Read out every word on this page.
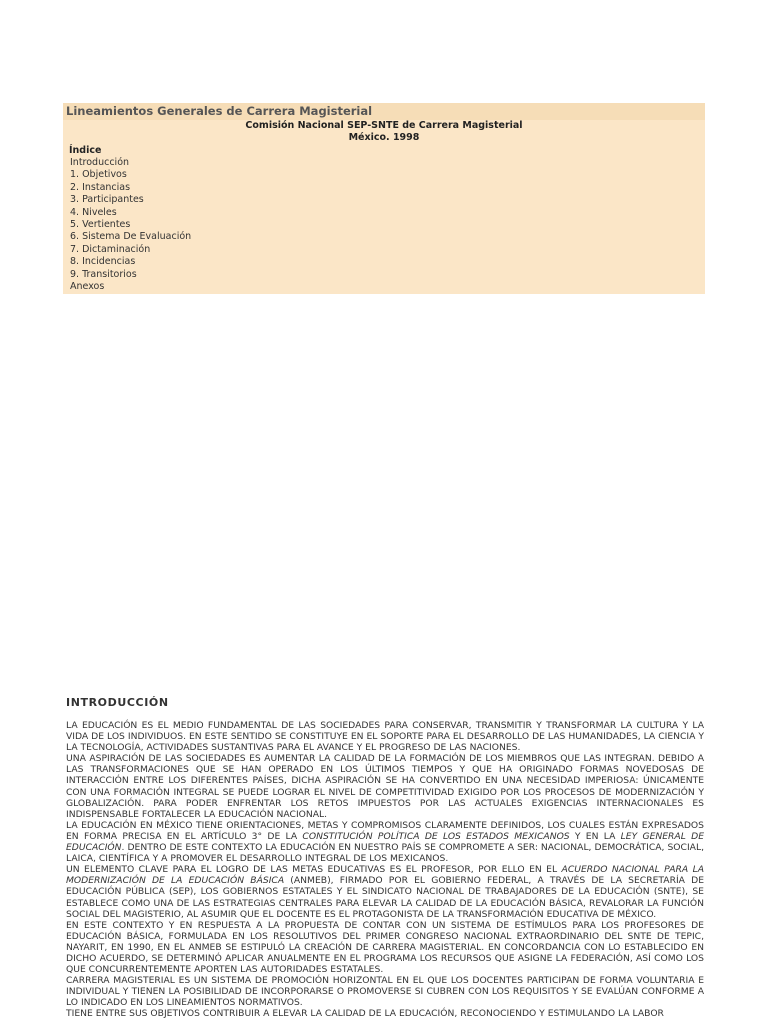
Lineamientos Generales de Carrera Magisterial
Comisión Nacional SEP-SNTE de Carrera Magisterial
México. 1998
Índice
Introducción
1. Objetivos
2. Instancias
3. Participantes
4. Niveles
5. Vertientes
6. Sistema De Evaluación
7. Dictaminación
8. Incidencias
9. Transitorios
Anexos
INTRODUCCIÓN

LA EDUCACIÓN ES EL MEDIO FUNDAMENTAL DE LAS SOCIEDADES PARA CONSERVAR, TRANSMITIR Y TRANSFORMAR LA CULTURA Y LA VIDA DE LOS INDIVIDUOS. EN ESTE SENTIDO SE CONSTITUYE EN EL SOPORTE PARA EL DESARROLLO DE LAS HUMANIDADES, LA CIENCIA Y LA TECNOLOGÍA, ACTIVIDADES SUSTANTIVAS PARA EL AVANCE Y EL PROGRESO DE LAS NACIONES.

UNA ASPIRACIÓN DE LAS SOCIEDADES ES AUMENTAR LA CALIDAD DE LA FORMACIÓN DE LOS MIEMBROS QUE LAS INTEGRAN. DEBIDO A LAS TRANSFORMACIONES QUE SE HAN OPERADO EN LOS ÚLTIMOS TIEMPOS Y QUE HA ORIGINADO FORMAS NOVEDOSAS DE INTERACCIÓN ENTRE LOS DIFERENTES PAÍSES, DICHA ASPIRACIÓN SE HA CONVERTIDO EN UNA NECESIDAD IMPERIOSA: ÚNICAMENTE CON UNA FORMACIÓN INTEGRAL SE PUEDE LOGRAR EL NIVEL DE COMPETITIVIDAD EXIGIDO POR LOS PROCESOS DE MODERNIZACIÓN Y GLOBALIZACIÓN. PARA PODER ENFRENTAR LOS RETOS IMPUESTOS POR LAS ACTUALES EXIGENCIAS INTERNACIONALES ES INDISPENSABLE FORTALECER LA EDUCACIÓN NACIONAL.

LA EDUCACIÓN EN MÉXICO TIENE ORIENTACIONES, METAS Y COMPROMISOS CLARAMENTE DEFINIDOS, LOS CUALES ESTÁN EXPRESADOS EN FORMA PRECISA EN EL ARTÍCULO 3° DE LA CONSTITUCIÓN POLÍTICA DE LOS ESTADOS MEXICANOS Y EN LA LEY GENERAL DE EDUCACIÓN. DENTRO DE ESTE CONTEXTO LA EDUCACIÓN EN NUESTRO PAÍS SE COMPROMETE A SER: NACIONAL, DEMOCRÁTICA, SOCIAL, LAICA, CIENTÍFICA Y A PROMOVER EL DESARROLLO INTEGRAL DE LOS MEXICANOS.

UN ELEMENTO CLAVE PARA EL LOGRO DE LAS METAS EDUCATIVAS ES EL PROFESOR, POR ELLO EN EL ACUERDO NACIONAL PARA LA MODERNIZACIÓN DE LA EDUCACIÓN BÁSICA (ANMEB), FIRMADO POR EL GOBIERNO FEDERAL, A TRAVÉS DE LA SECRETARÍA DE EDUCACIÓN PÚBLICA (SEP), LOS GOBIERNOS ESTATALES Y EL SINDICATO NACIONAL DE TRABAJADORES DE LA EDUCACIÓN (SNTE), SE ESTABLECE COMO UNA DE LAS ESTRATEGIAS CENTRALES PARA ELEVAR LA CALIDAD DE LA EDUCACIÓN BÁSICA, REVALORAR LA FUNCIÓN SOCIAL DEL MAGISTERIO, AL ASUMIR QUE EL DOCENTE ES EL PROTAGONISTA DE LA TRANSFORMACIÓN EDUCATIVA DE MÉXICO.

EN ESTE CONTEXTO Y EN RESPUESTA A LA PROPUESTA DE CONTAR CON UN SISTEMA DE ESTÍMULOS PARA LOS PROFESORES DE EDUCACIÓN BÁSICA, FORMULADA EN LOS RESOLUTIVOS DEL PRIMER CONGRESO NACIONAL EXTRAORDINARIO DEL SNTE DE TEPIC, NAYARIT, EN 1990, EN EL ANMEB SE ESTIPULÓ LA CREACIÓN DE CARRERA MAGISTERIAL. EN CONCORDANCIA CON LO ESTABLECIDO EN DICHO ACUERDO, SE DETERMINÓ APLICAR ANUALMENTE EN EL PROGRAMA LOS RECURSOS QUE ASIGNE LA FEDERACIÓN, ASÍ COMO LOS QUE CONCURRENTEMENTE APORTEN LAS AUTORIDADES ESTATALES.

CARRERA MAGISTERIAL ES UN SISTEMA DE PROMOCIÓN HORIZONTAL EN EL QUE LOS DOCENTES PARTICIPAN DE FORMA VOLUNTARIA E INDIVIDUAL Y TIENEN LA POSIBILIDAD DE INCORPORARSE O PROMOVERSE SI CUBREN CON LOS REQUISITOS Y SE EVALÚAN CONFORME A LO INDICADO EN LOS LINEAMIENTOS NORMATIVOS.

TIENE ENTRE SUS OBJETIVOS CONTRIBUIR A ELEVAR LA CALIDAD DE LA EDUCACIÓN, RECONOCIENDO Y ESTIMULANDO LA LABOR
